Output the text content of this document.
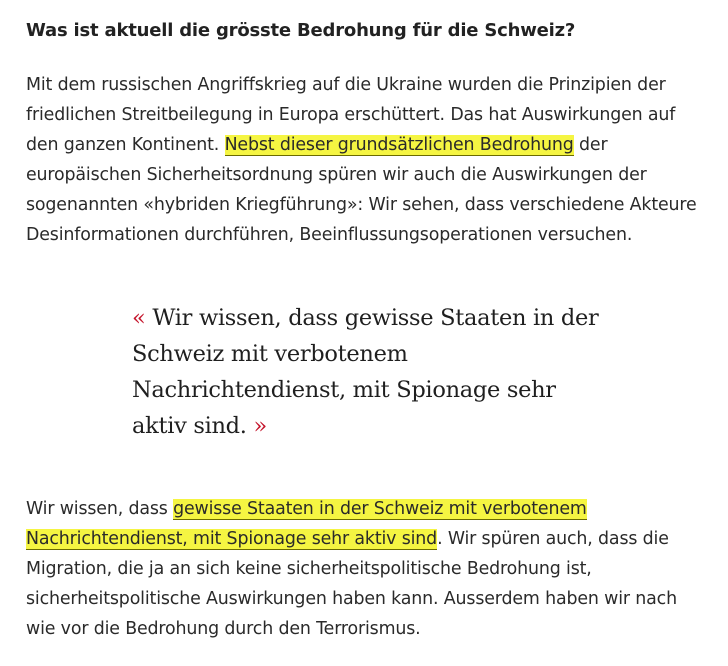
Was ist aktuell die grösste Bedrohung für die Schweiz?

Mit dem russischen Angriffskrieg auf die Ukraine wurden die Prinzipien der friedlichen Streitbeilegung in Europa erschüttert. Das hat Auswirkungen auf den ganzen Kontinent. Nebst dieser grundsätzlichen Bedrohung der europäischen Sicherheitsordnung spüren wir auch die Auswirkungen der sogenannten «hybriden Kriegführung»: Wir sehen, dass verschiedene Akteure Desinformationen durchführen, Beeinflussungsoperationen versuchen.

« Wir wissen, dass gewisse Staaten in der Schweiz mit verbotenem Nachrichtendienst, mit Spionage sehr aktiv sind. »

Wir wissen, dass gewisse Staaten in der Schweiz mit verbotenem Nachrichtendienst, mit Spionage sehr aktiv sind. Wir spüren auch, dass die Migration, die ja an sich keine sicherheitspolitische Bedrohung ist, sicherheitspolitische Auswirkungen haben kann. Ausserdem haben wir nach wie vor die Bedrohung durch den Terrorismus.
